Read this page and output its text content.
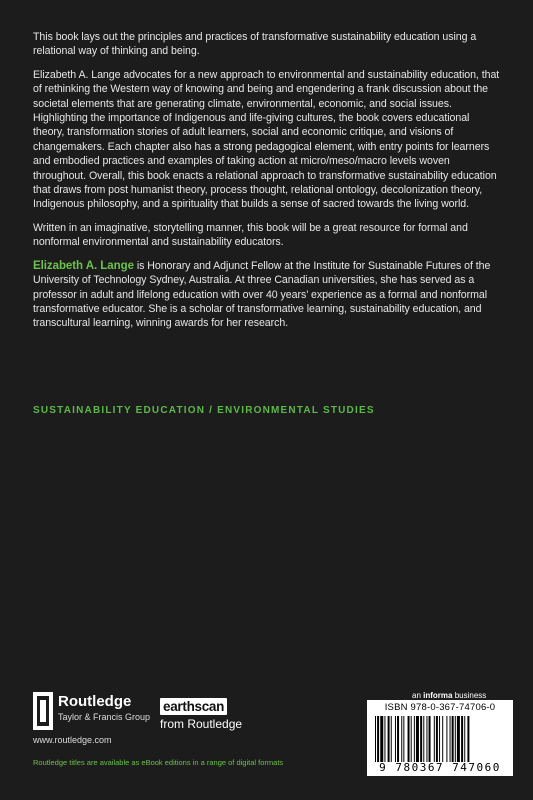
This book lays out the principles and practices of transformative sustainability education using a relational way of thinking and being.

Elizabeth A. Lange advocates for a new approach to environmental and sustainability education, that of rethinking the Western way of knowing and being and engendering a frank discussion about the societal elements that are generating climate, environmental, economic, and social issues. Highlighting the importance of Indigenous and life-giving cultures, the book covers educational theory, transformation stories of adult learners, social and economic critique, and visions of changemakers. Each chapter also has a strong pedagogical element, with entry points for learners and embodied practices and examples of taking action at micro/meso/macro levels woven throughout. Overall, this book enacts a relational approach to transformative sustainability education that draws from post humanist theory, process thought, relational ontology, decolonization theory, Indigenous philosophy, and a spirituality that builds a sense of sacred towards the living world.

Written in an imaginative, storytelling manner, this book will be a great resource for formal and nonformal environmental and sustainability educators.

Elizabeth A. Lange is Honorary and Adjunct Fellow at the Institute for Sustainable Futures of the University of Technology Sydney, Australia. At three Canadian universities, she has served as a professor in adult and lifelong education with over 40 years’ experience as a formal and nonformal transformative educator. She is a scholar of transformative learning, sustainability education, and transcultural learning, winning awards for her research.

SUSTAINABILITY EDUCATION / ENVIRONMENTAL STUDIES
Routledge
Taylor & Francis Group
www.routledge.com
earthscan
from Routledge
an informa business
ISBN 978-0-367-74706-0
9 780367 747060
Routledge titles are available as eBook editions in a range of digital formats
